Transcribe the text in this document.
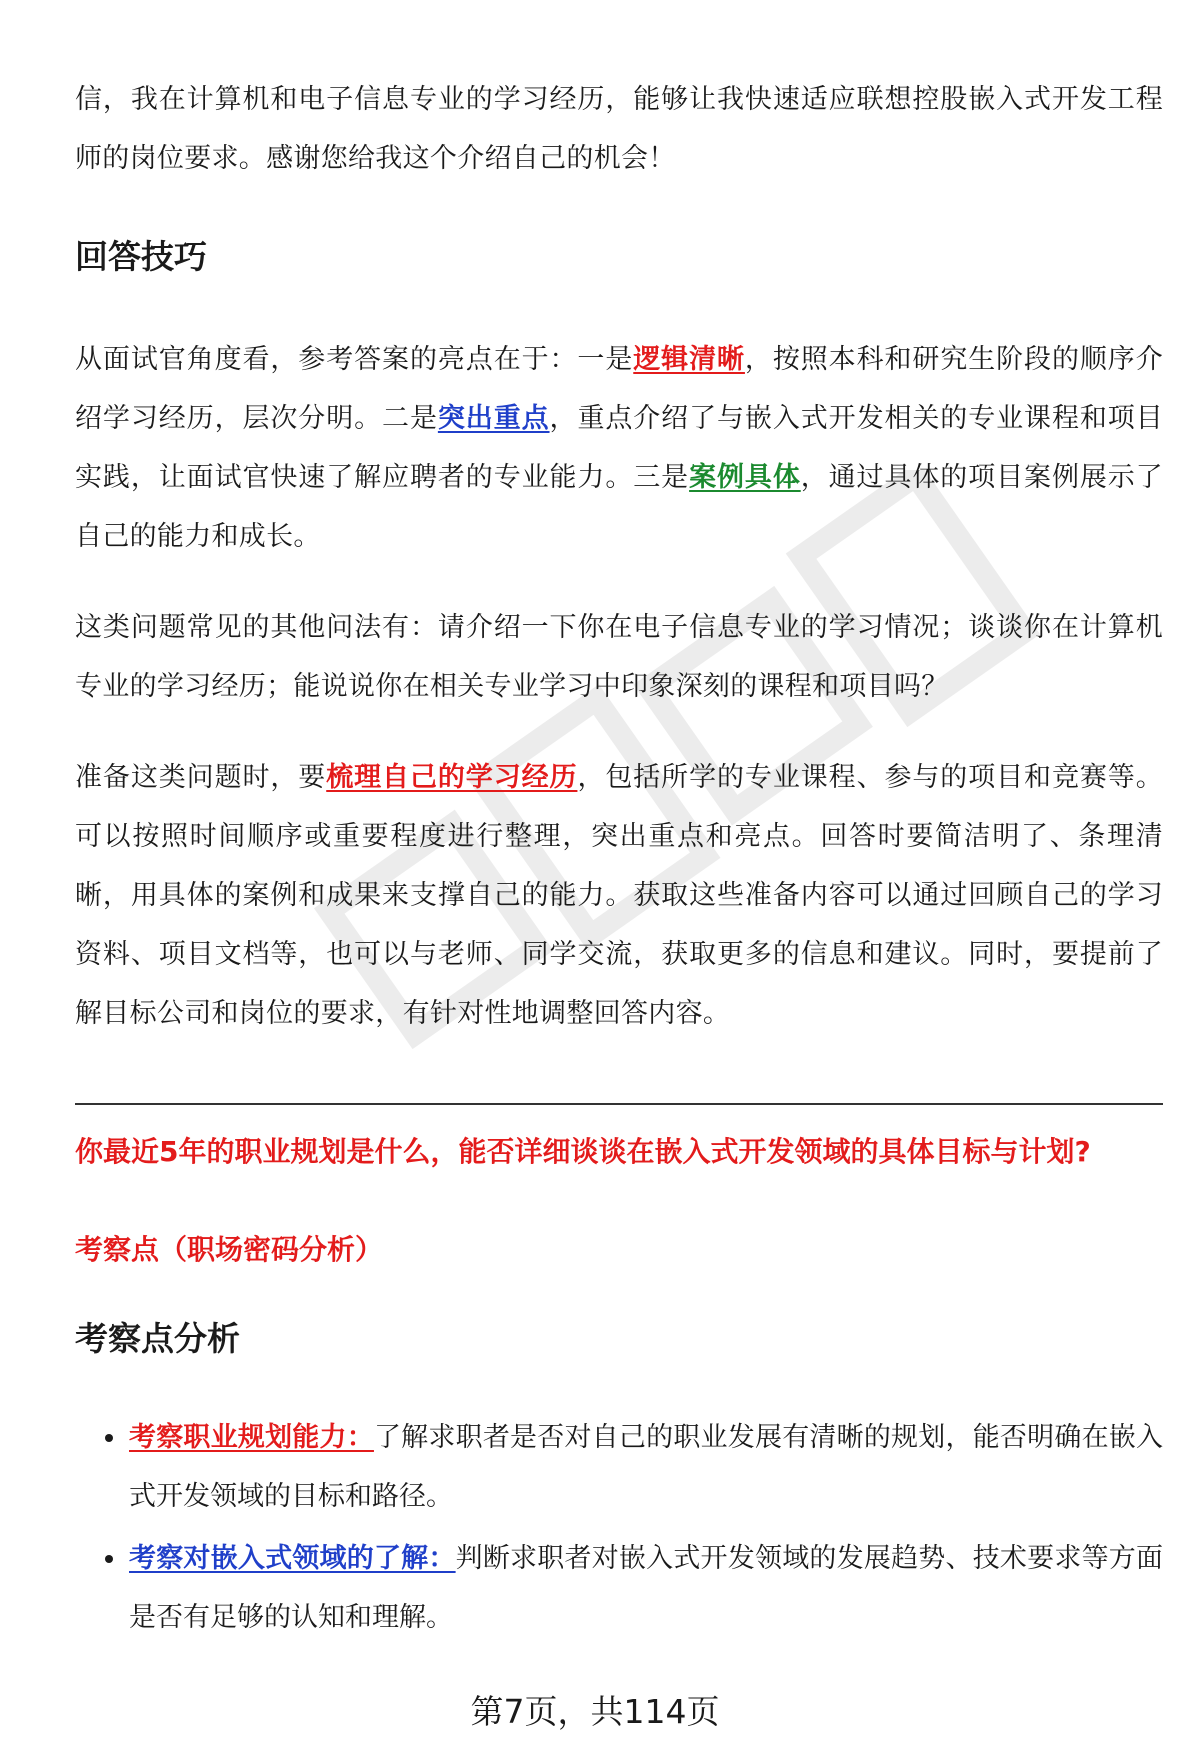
信，我在计算机和电子信息专业的学习经历，能够让我快速适应联想控股嵌入式开发工程师的岗位要求。感谢您给我这个介绍自己的机会！

回答技巧

从面试官角度看，参考答案的亮点在于：一是逻辑清晰，按照本科和研究生阶段的顺序介绍学习经历，层次分明。二是突出重点，重点介绍了与嵌入式开发相关的专业课程和项目实践，让面试官快速了解应聘者的专业能力。三是案例具体，通过具体的项目案例展示了自己的能力和成长。

这类问题常见的其他问法有：请介绍一下你在电子信息专业的学习情况；谈谈你在计算机专业的学习经历；能说说你在相关专业学习中印象深刻的课程和项目吗？

准备这类问题时，要梳理自己的学习经历，包括所学的专业课程、参与的项目和竞赛等。可以按照时间顺序或重要程度进行整理，突出重点和亮点。回答时要简洁明了、条理清晰，用具体的案例和成果来支撑自己的能力。获取这些准备内容可以通过回顾自己的学习资料、项目文档等，也可以与老师、同学交流，获取更多的信息和建议。同时，要提前了解目标公司和岗位的要求，有针对性地调整回答内容。

你最近5年的职业规划是什么，能否详细谈谈在嵌入式开发领域的具体目标与计划?

考察点（职场密码分析）

考察点分析
考察职业规划能力：了解求职者是否对自己的职业发展有清晰的规划，能否明确在嵌入式开发领域的目标和路径。
考察对嵌入式领域的了解：判断求职者对嵌入式开发领域的发展趋势、技术要求等方面是否有足够的认知和理解。
第7页，共114页
